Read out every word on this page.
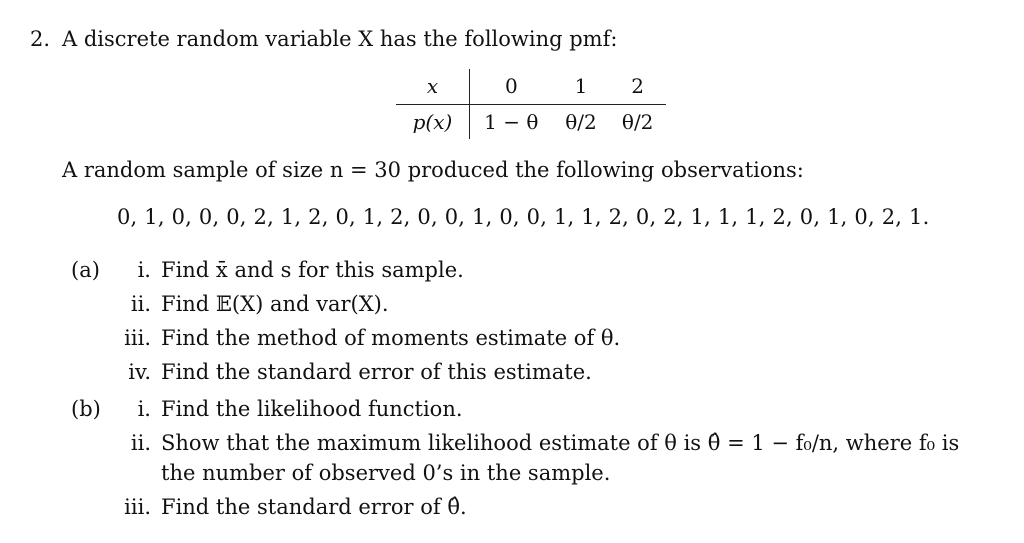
2. A discrete random variable X has the following pmf:
x	0	1	2
p(x)	1 − θ	θ/2	θ/2
A random sample of size n = 30 produced the following observations:
0, 1, 0, 0, 0, 2, 1, 2, 0, 1, 2, 0, 0, 1, 0, 0, 1, 1, 2, 0, 2, 1, 1, 1, 2, 0, 1, 0, 2, 1.
(a)	i. Find x̄ and s for this sample.
ii. Find 𝔼(X) and var(X).
iii. Find the method of moments estimate of θ.
iv. Find the standard error of this estimate.
(b)	i. Find the likelihood function.
ii. Show that the maximum likelihood estimate of θ is θ̂ = 1 − f₀/n, where f₀ is
the number of observed 0’s in the sample.
iii. Find the standard error of θ̂.
